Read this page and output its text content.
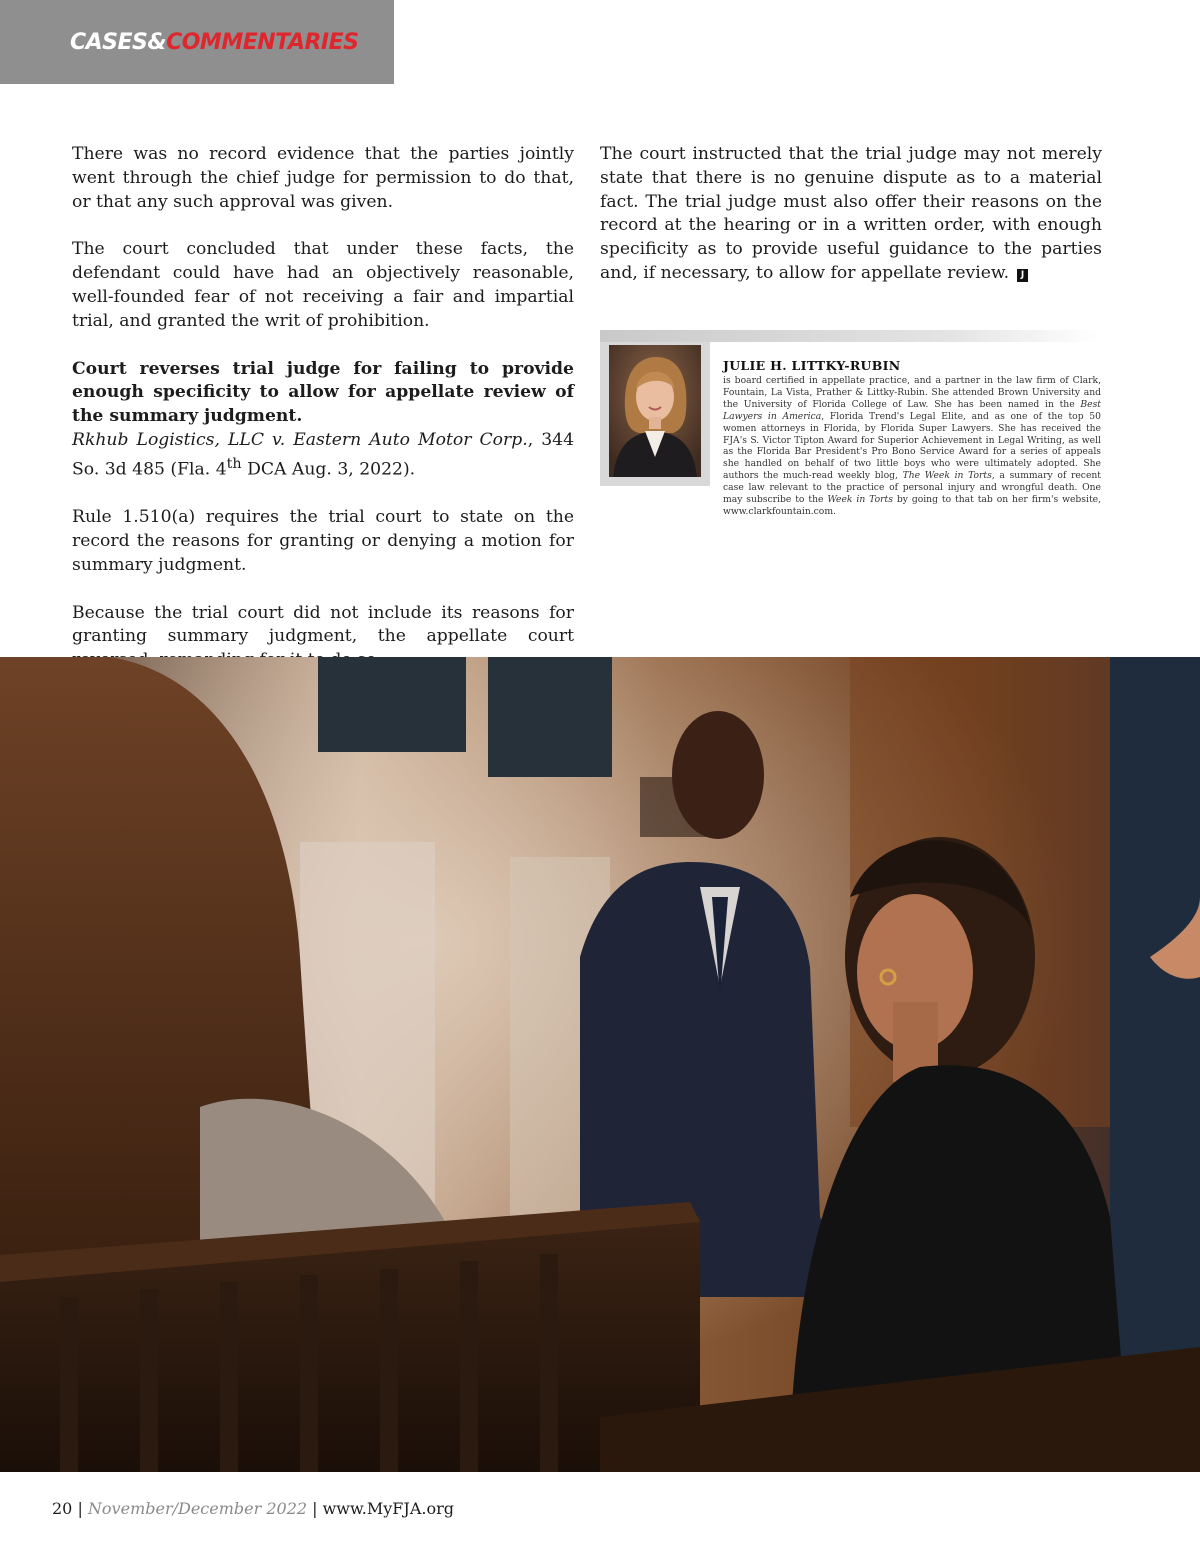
CASES&COMMENTARIES

There was no record evidence that the parties jointly went through the chief judge for permission to do that, or that any such approval was given.

The court concluded that under these facts, the defendant could have had an objectively reasonable, well-founded fear of not receiving a fair and impartial trial, and granted the writ of prohibition.

Court reverses trial judge for failing to provide enough specificity to allow for appellate review of the summary judgment.
Rkhub Logistics, LLC v. Eastern Auto Motor Corp., 344 So. 3d 485 (Fla. 4th DCA Aug. 3, 2022).

Rule 1.510(a) requires the trial court to state on the record the reasons for granting or denying a motion for summary judgment.

Because the trial court did not include its reasons for granting summary judgment, the appellate court

The court instructed that the trial judge may not merely state that there is no genuine dispute as to a material fact. The trial judge must also offer their reasons on the record at the hearing or in a written order, with enough specificity as to provide useful guidance to the parties and, if necessary, to allow for appellate review. J

JULIE H. LITTKY-RUBIN
is board certified in appellate practice, and a partner in the law firm of Clark, Fountain, La Vista, Prather & Littky-Rubin. She attended Brown University and the University of Florida College of Law. She has been named in the Best Lawyers in America, Florida Trend's Legal Elite, and as one of the top 50 women attorneys in Florida, by Florida Super Lawyers. She has received the FJA's S. Victor Tipton Award for Superior Achievement in Legal Writing, as well as the Florida Bar President's Pro Bono Service Award for a series of appeals she handled on behalf of two little boys who were ultimately adopted. She authors the much-read weekly blog, The Week in Torts, a summary of recent case law relevant to the practice of personal injury and wrongful death. One may subscribe to the Week in Torts by going to that tab on her firm's website, www.clarkfountain.com.
20 | November/December 2022 | www.MyFJA.org
